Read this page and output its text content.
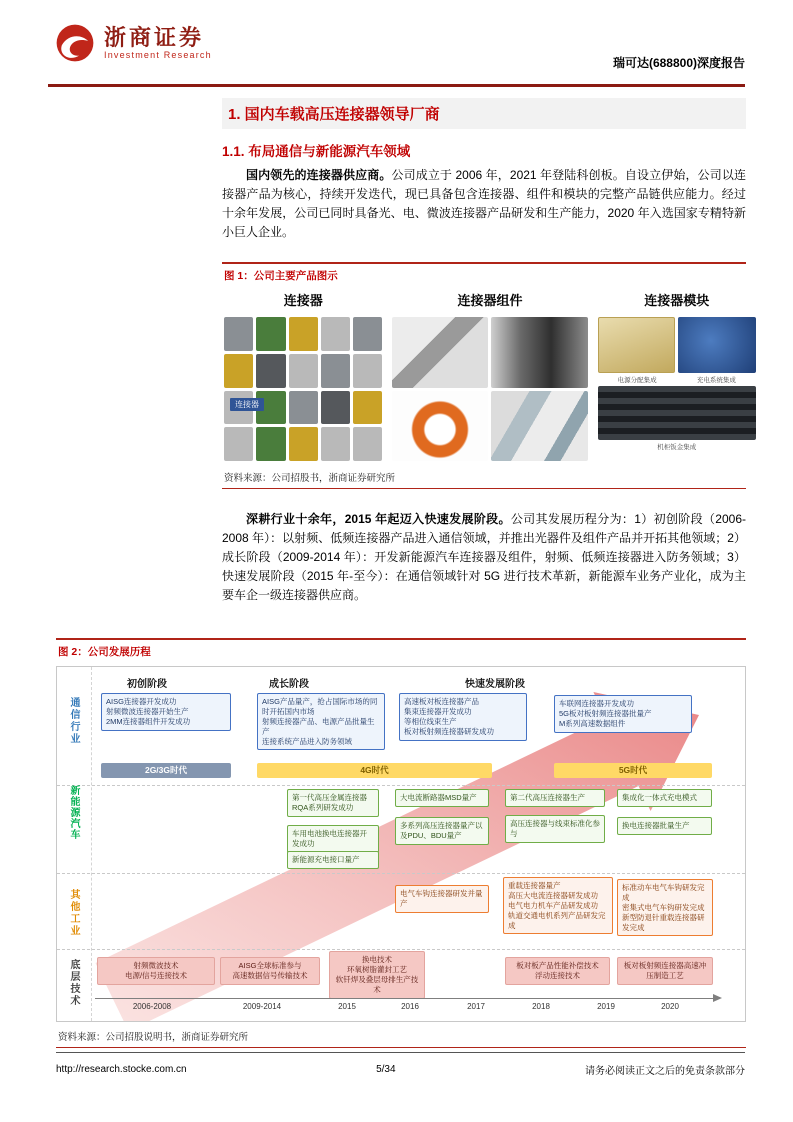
浙商证券
Investment Research
瑞可达(688800)深度报告
1. 国内车载高压连接器领导厂商
1.1. 布局通信与新能源汽车领域

国内领先的连接器供应商。公司成立于 2006 年，2021 年登陆科创板。自设立伊始，公司以连接器产品为核心，持续开发迭代，现已具备包含连接器、组件和模块的完整产品链供应能力。经过十余年发展，公司已同时具备光、电、微波连接器产品研发和生产能力，2020 年入选国家专精特新小巨人企业。

图 1：公司主要产品图示
连接器	连接器组件	连接器模块
连接器
电源分配集成	充电系统集成
机柜钣金集成
资料来源：公司招股书，浙商证券研究所

深耕行业十余年，2015 年起迈入快速发展阶段。公司其发展历程分为：1）初创阶段（2006-2008 年）：以射频、低频连接器产品进入通信领域，并推出光器件及组件产品并开拓其他领域；2）成长阶段（2009-2014 年）：开发新能源汽车连接器及组件，射频、低频连接器进入防务领域；3）快速发展阶段（2015 年-至今）：在通信领域针对 5G 进行技术革新，新能源车业务产业化，成为主要车企一级连接器供应商。

图 2：公司发展历程
通信行业
新能源汽车
其他工业
底层技术
初创阶段	成长阶段	快速发展阶段
AISG连接器开发成功
射频微波连接器开始生产
2MM连接器组件开发成功
AISG产品量产，抢占国际市场的同时开拓国内市场
射频连接器产品、电源产品批量生产
连接系统产品进入防务领域
高速板对板连接器产品
集束连接器开发成功
等相位线束生产
板对板射频连接器研发成功
车联网连接器开发成功
5G板对板射频连接器批量产
M系列高速数据组件
2G/3G时代	4G时代	5G时代
第一代高压金属连接器RQA系列研发成功
车用电池换电连接器开发成功
新能源充电接口量产
大电流断路器MSD量产
多系列高压连接器量产以及PDU、BDU量产
第二代高压连接器生产
高压连接器与线束标准化参与
集成化一体式充电模式
换电连接器批量生产
电气车钩连接器研发并量产
重载连接器量产
高压大电流连接器研发成功
电气电力机车产品研发成功
轨道交通电机系列产品研发完成
标准动车电气车钩研发完成
密集式电气车钩研发完成
新型防退针重载连接器研发完成
射频微波技术
电源/信号连接技术
AISG全球标准参与
高速数据信号传输技术
换电技术
环氧树脂灌封工艺
软钎焊及叠层母排生产技术
板对板产品性能补偿技术
浮动连接技术
板对板射频连接器高速冲压制造工艺
2006-2008	2009-2014	2015	2016	2017	2018	2019	2020
资料来源：公司招股说明书，浙商证券研究所
http://research.stocke.com.cn	5/34	请务必阅读正文之后的免责条款部分
